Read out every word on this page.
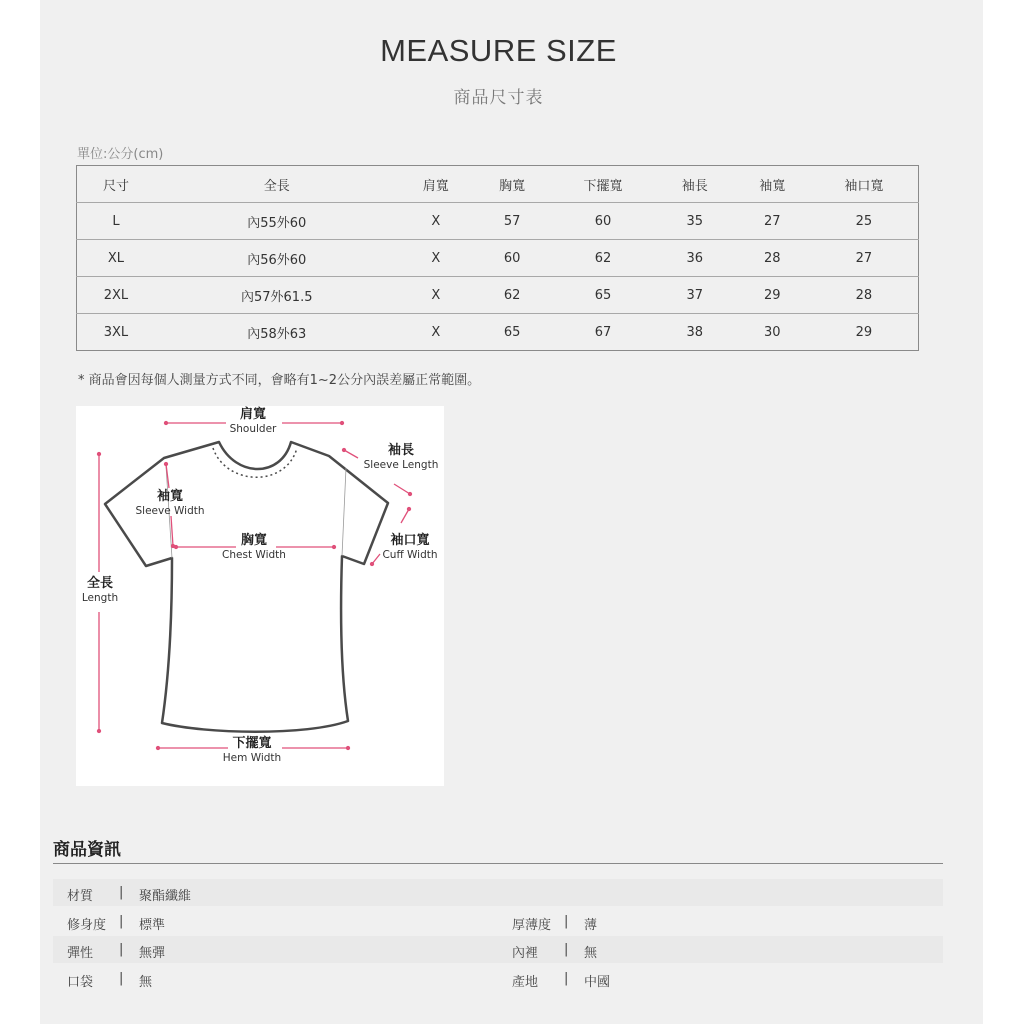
MEASURE SIZE
商品尺寸表
單位:公分(cm)
尺寸	全長	肩寬	胸寬	下擺寬	袖長	袖寬	袖口寬
L	內55外60	X	57	60	35	27	25
XL	內56外60	X	60	62	36	28	27
2XL	內57外61.5	X	62	65	37	29	28
3XL	內58外63	X	65	67	38	30	29
* 商品會因每個人測量方式不同，會略有1~2公分內誤差屬正常範圍。
肩寬
Shoulder
袖長
Sleeve Length
袖寬
Sleeve Width
胸寬
Chest Width
袖口寬
Cuff Width
全長
Length
下擺寬
Hem Width
商品資訊
材質 | 聚酯纖維
修身度 | 標準	厚薄度 | 薄
彈性 | 無彈	內裡 | 無
口袋 | 無	產地 | 中國
